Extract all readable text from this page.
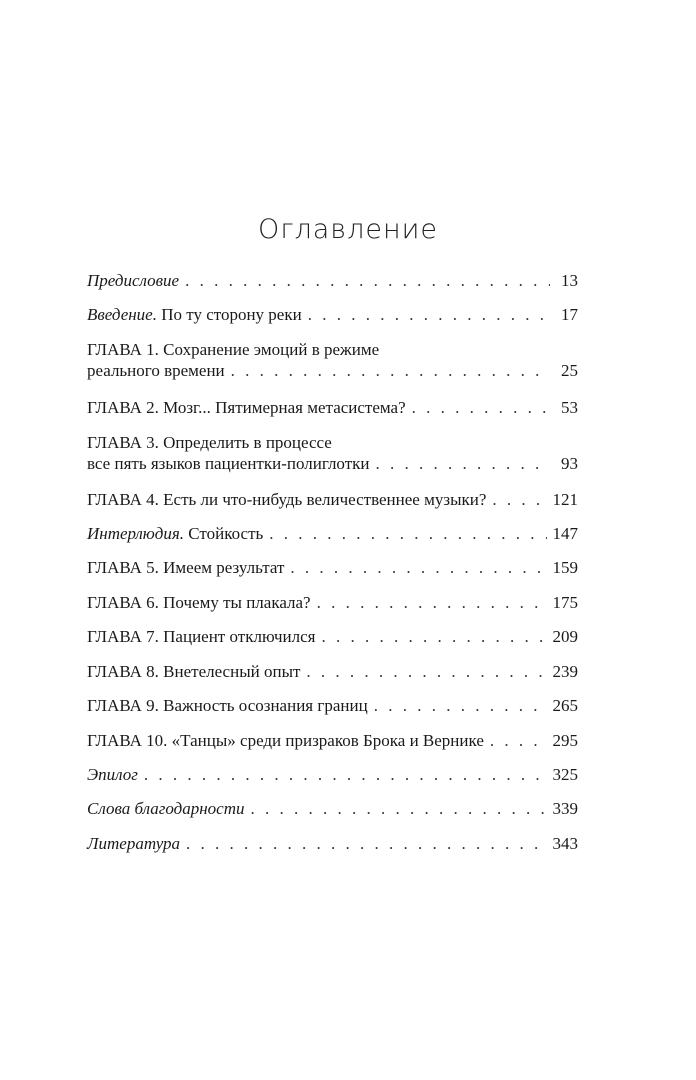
Оглавление
Предисловие . . .	13
Введение. По ту сторону реки . . .	17
ГЛАВА 1. Сохранение эмоций в режиме
реального времени . . .	25
ГЛАВА 2. Мозг... Пятимерная метасистема? . . .	53
ГЛАВА 3. Определить в процессе
все пять языков пациентки-полиглотки . . .	93
ГЛАВА 4. Есть ли что-нибудь величественнее музыки? . . .	121
Интерлюдия. Стойкость . . .	147
ГЛАВА 5. Имеем результат . . .	159
ГЛАВА 6. Почему ты плакала? . . .	175
ГЛАВА 7. Пациент отключился . . .	209
ГЛАВА 8. Внетелесный опыт . . .	239
ГЛАВА 9. Важность осознания границ . . .	265
ГЛАВА 10. «Танцы» среди призраков Брока и Вернике . . .	295
Эпилог . . .	325
Слова благодарности . . .	339
Литература . . .	343
